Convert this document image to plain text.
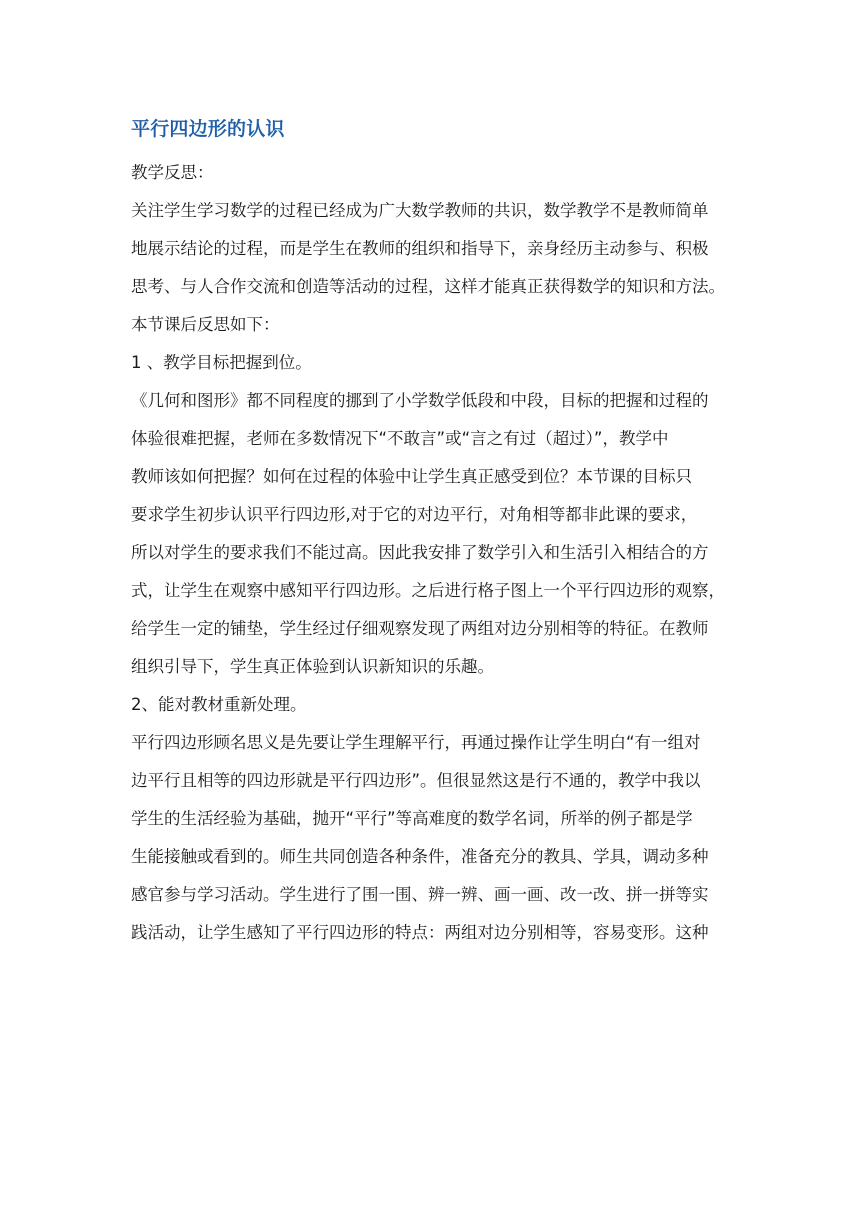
平行四边形的认识
教学反思：
关注学生学习数学的过程已经成为广大数学教师的共识，数学教学不是教师简单
地展示结论的过程，而是学生在教师的组织和指导下，亲身经历主动参与、积极
思考、与人合作交流和创造等活动的过程，这样才能真正获得数学的知识和方法。
本节课后反思如下：
1 、教学目标把握到位。
《几何和图形》都不同程度的挪到了小学数学低段和中段，目标的把握和过程的
体验很难把握，老师在多数情况下“不敢言”或“言之有过（超过）”，教学中
教师该如何把握？如何在过程的体验中让学生真正感受到位？本节课的目标只
要求学生初步认识平行四边形,对于它的对边平行，对角相等都非此课的要求，
所以对学生的要求我们不能过高。因此我安排了数学引入和生活引入相结合的方
式，让学生在观察中感知平行四边形。之后进行格子图上一个平行四边形的观察，
给学生一定的铺垫，学生经过仔细观察发现了两组对边分别相等的特征。在教师
组织引导下，学生真正体验到认识新知识的乐趣。
2、能对教材重新处理。
平行四边形顾名思义是先要让学生理解平行，再通过操作让学生明白“有一组对
边平行且相等的四边形就是平行四边形”。但很显然这是行不通的，教学中我以
学生的生活经验为基础，抛开“平行”等高难度的数学名词，所举的例子都是学
生能接触或看到的。师生共同创造各种条件，准备充分的教具、学具，调动多种
感官参与学习活动。学生进行了围一围、辨一辨、画一画、改一改、拼一拼等实
践活动，让学生感知了平行四边形的特点：两组对边分别相等，容易变形。这种
